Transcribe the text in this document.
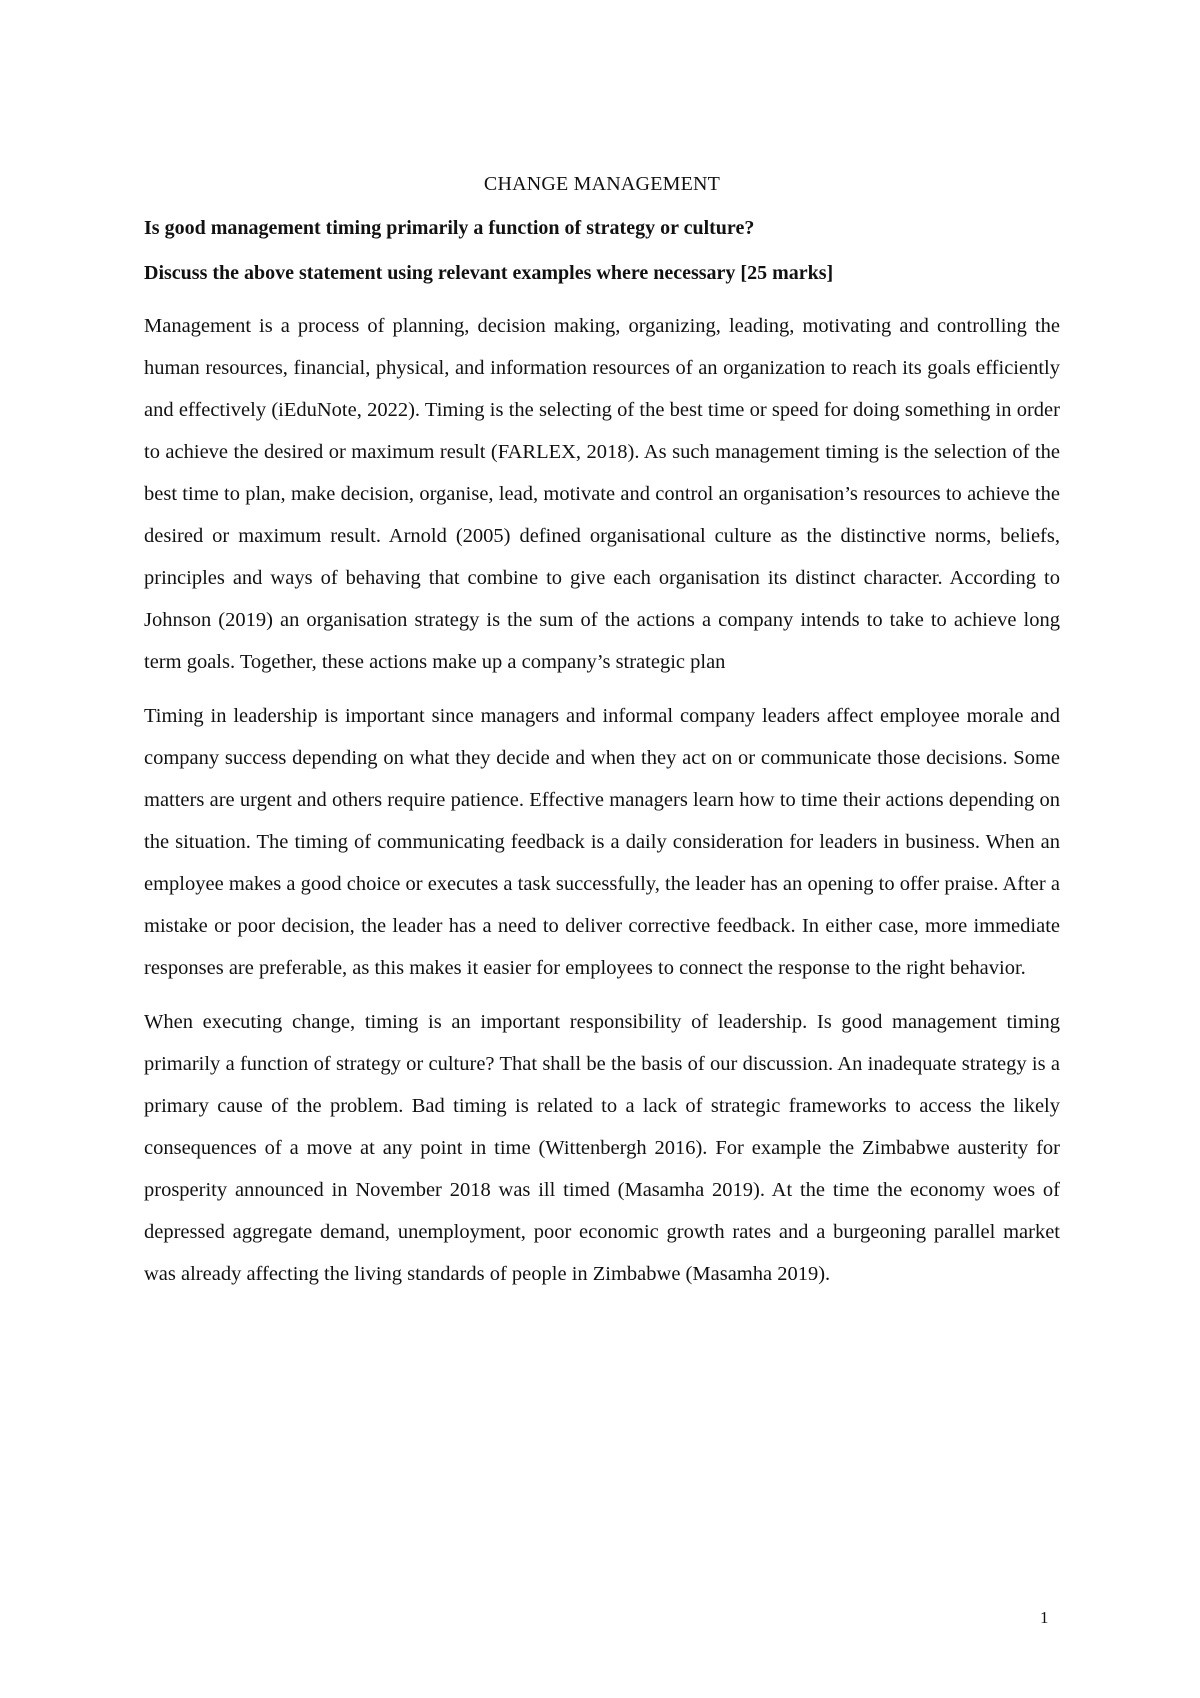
CHANGE MANAGEMENT
Is good management timing primarily a function of strategy or culture?
Discuss the above statement using relevant examples where necessary [25 marks]

Management is a process of planning, decision making, organizing, leading, motivating and controlling the human resources, financial, physical, and information resources of an organization to reach its goals efficiently and effectively (iEduNote, 2022). Timing is the selecting of the best time or speed for doing something in order to achieve the desired or maximum result (FARLEX, 2018). As such management timing is the selection of the best time to plan, make decision, organise, lead, motivate and control an organisation’s resources to achieve the desired or maximum result. Arnold (2005) defined organisational culture as the distinctive norms, beliefs, principles and ways of behaving that combine to give each organisation its distinct character. According to Johnson (2019) an organisation strategy is the sum of the actions a company intends to take to achieve long term goals. Together, these actions make up a company’s strategic plan

Timing in leadership is important since managers and informal company leaders affect employee morale and company success depending on what they decide and when they act on or communicate those decisions. Some matters are urgent and others require patience. Effective managers learn how to time their actions depending on the situation. The timing of communicating feedback is a daily consideration for leaders in business. When an employee makes a good choice or executes a task successfully, the leader has an opening to offer praise. After a mistake or poor decision, the leader has a need to deliver corrective feedback. In either case, more immediate responses are preferable, as this makes it easier for employees to connect the response to the right behavior.

When executing change, timing is an important responsibility of leadership. Is good management timing primarily a function of strategy or culture? That shall be the basis of our discussion. An inadequate strategy is a primary cause of the problem. Bad timing is related to a lack of strategic frameworks to access the likely consequences of a move at any point in time (Wittenbergh 2016). For example the Zimbabwe austerity for prosperity announced in November 2018 was ill timed (Masamha 2019). At the time the economy woes of depressed aggregate demand, unemployment, poor economic growth rates and a burgeoning parallel market was already affecting the living standards of people in Zimbabwe (Masamha 2019).

1
